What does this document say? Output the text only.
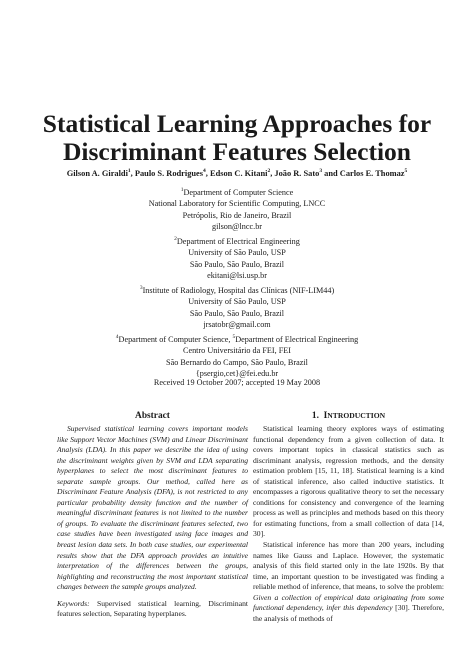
Statistical Learning Approaches for
Discriminant Features Selection

Gilson A. Giraldi$^1$, Paulo S. Rodrigues$^4$, Edson C. Kitani$^2$, João R. Sato$^3$ and Carlos E. Thomaz$^5$

$^1$Department of Computer Science
National Laboratory for Scientific Computing, LNCC
Petrópolis, Rio de Janeiro, Brazil
gilson@lncc.br
$^2$Department of Electrical Engineering
University of São Paulo, USP
São Paulo, São Paulo, Brazil
ekitani@lsi.usp.br
$^3$Institute of Radiology, Hospital das Clínicas (NIF-LIM44)
University of São Paulo, USP
São Paulo, São Paulo, Brazil
jrsatobr@gmail.com
$^4$Department of Computer Science, $^5$Department of Electrical Engineering
Centro Universitário da FEI, FEI
São Bernardo do Campo, São Paulo, Brazil
{psergio,cet}@fei.edu.br

Received 19 October 2007; accepted 19 May 2008

Abstract

Supervised statistical learning covers important models like Support Vector Machines (SVM) and Linear Discriminant Analysis (LDA). In this paper we describe the idea of using the discriminant weights given by SVM and LDA separating hyperplanes to select the most discriminant features to separate sample groups. Our method, called here as Discriminant Feature Analysis (DFA), is not restricted to any particular probability density function and the number of meaningful discriminant features is not limited to the number of groups. To evaluate the discriminant features selected, two case studies have been investigated using face images and breast lesion data sets. In both case studies, our experimental results show that the DFA approach provides an intuitive interpretation of the differences between the groups, highlighting and reconstructing the most important statistical changes between the sample groups analyzed.

Keywords: Supervised statistical learning, Discriminant features selection, Separating hyperplanes.

1. INTRODUCTION

Statistical learning theory explores ways of estimating functional dependency from a given collection of data. It covers important topics in classical statistics such as discriminant analysis, regression methods, and the density estimation problem [15, 11, 18]. Statistical learning is a kind of statistical inference, also called inductive statistics. It encompasses a rigorous qualitative theory to set the necessary conditions for consistency and convergence of the learning process as well as principles and methods based on this theory for estimating functions, from a small collection of data [14, 30].

Statistical inference has more than 200 years, including names like Gauss and Laplace. However, the systematic analysis of this field started only in the late 1920s. By that time, an important question to be investigated was finding a reliable method of inference, that means, to solve the problem: Given a collection of empirical data originating from some functional dependency, infer this dependency [30]. Therefore, the analysis of methods of
